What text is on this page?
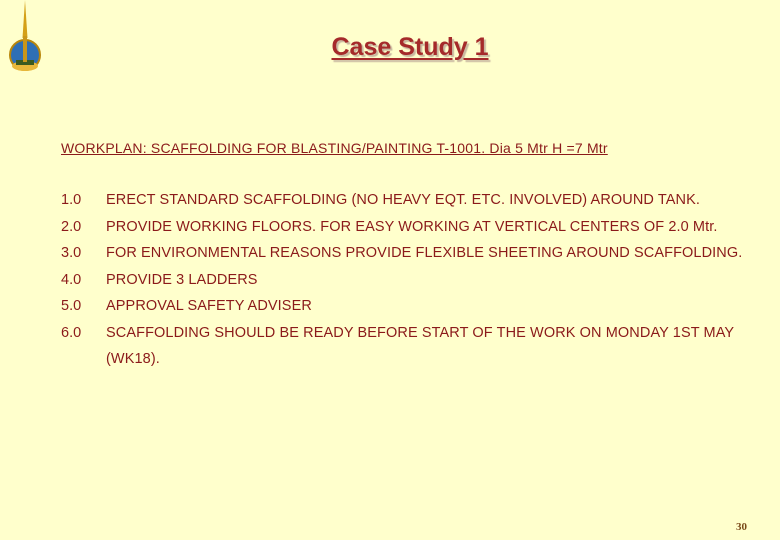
Case Study 1
WORKPLAN: SCAFFOLDING FOR BLASTING/PAINTING T-1001. Dia 5 Mtr H =7 Mtr
1.0	ERECT STANDARD SCAFFOLDING (NO HEAVY EQT. ETC. INVOLVED) AROUND TANK.
2.0	PROVIDE WORKING FLOORS. FOR EASY WORKING AT VERTICAL CENTERS OF 2.0 Mtr.
3.0	FOR ENVIRONMENTAL REASONS PROVIDE FLEXIBLE SHEETING AROUND SCAFFOLDING.
4.0	PROVIDE 3 LADDERS
5.0	APPROVAL SAFETY ADVISER
6.0	SCAFFOLDING SHOULD BE READY BEFORE START OF THE WORK ON MONDAY 1ST MAY (WK18).
30
